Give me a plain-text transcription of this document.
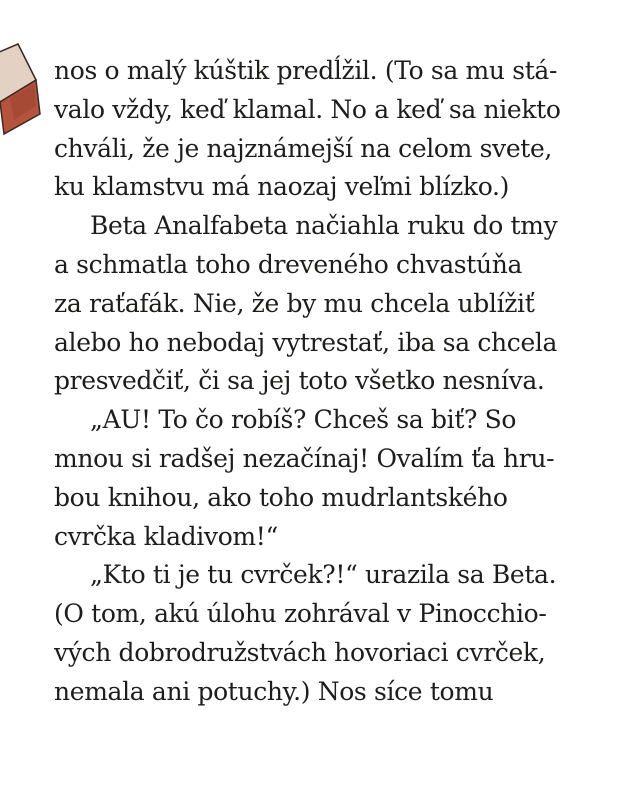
nos o malý kúštik predĺžil. (To sa mu stá-
valo vždy, keď klamal. No a keď sa niekto
chváli, že je najznámejší na celom svete,
ku klamstvu má naozaj veľmi blízko.)
Beta Analfabeta načiahla ruku do tmy
a schmatla toho dreveného chvastúňa
za raťafák. Nie, že by mu chcela ublížiť
alebo ho nebodaj vytrestať, iba sa chcela
presvedčiť, či sa jej toto všetko nesníva.
„AU! To čo robíš? Chceš sa biť? So
mnou si radšej nezačínaj! Ovalím ťa hru-
bou knihou, ako toho mudrlantského
cvrčka kladivom!“
„Kto ti je tu cvrček?!“ urazila sa Beta.
(O tom, akú úlohu zohrával v Pinocchio-
vých dobrodružstvách hovoriaci cvrček,
nemala ani potuchy.) Nos síce tomu
